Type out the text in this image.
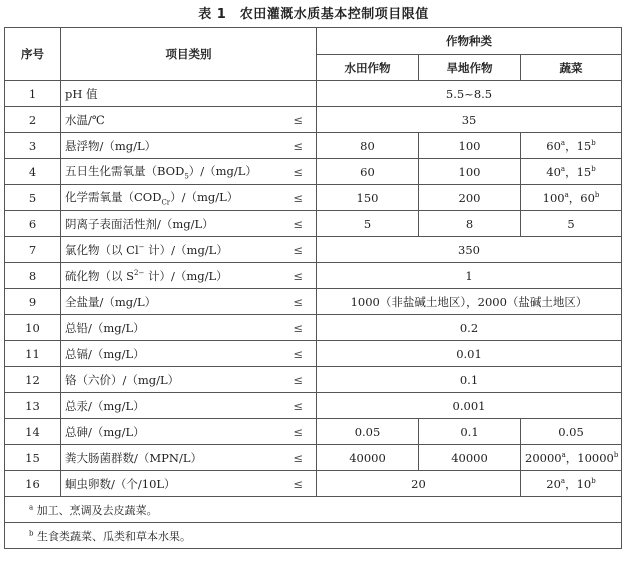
表 1　农田灌溉水质基本控制项目限值
序号	项目类别		作物种类		
			水田作物	旱地作物	蔬菜
1	pH 值		5.5~8.5		
2	水温/℃	≤	35		
3	悬浮物/（mg/L）	≤	80	100	60$^a$，15$^b$
4	五日生化需氧量$(BOD_5)/(mg/L)$	≤	60	100	40$^a$，15$^b$
5	化学需氧量$(COD_{Cr})/(mg/L)$	≤	150	200	100$^a$，60$^b$
6	阴离子表面活性剂/（mg/L）	≤	5	8	5
7	氯化物（以 Cl− 计）/（mg/L）	≤	350		
8	硫化物（以 $S^{2-}$ 计）/（mg/L）	≤	1		
9	全盐量/（mg/L）	≤	1000（非盐碱土地区），2000（盐碱土地区）		
10	总铅/（mg/L）	≤	0.2		
11	总镉/（mg/L）	≤	0.01		
12	铬（六价）/（mg/L）	≤	0.1		
13	总汞/（mg/L）	≤	0.001		
14	总砷/（mg/L）	≤	0.05	0.1	0.05
15	粪大肠菌群数/（MPN/L）	≤	40000	40000	20000$^a$，10000$^b$
16	蛔虫卵数/（个/10L）	≤	20		20$^a$，10$^b$
$^a$ 加工、烹调及去皮蔬菜。					
$^b$ 生食类蔬菜、瓜类和草本水果。					
